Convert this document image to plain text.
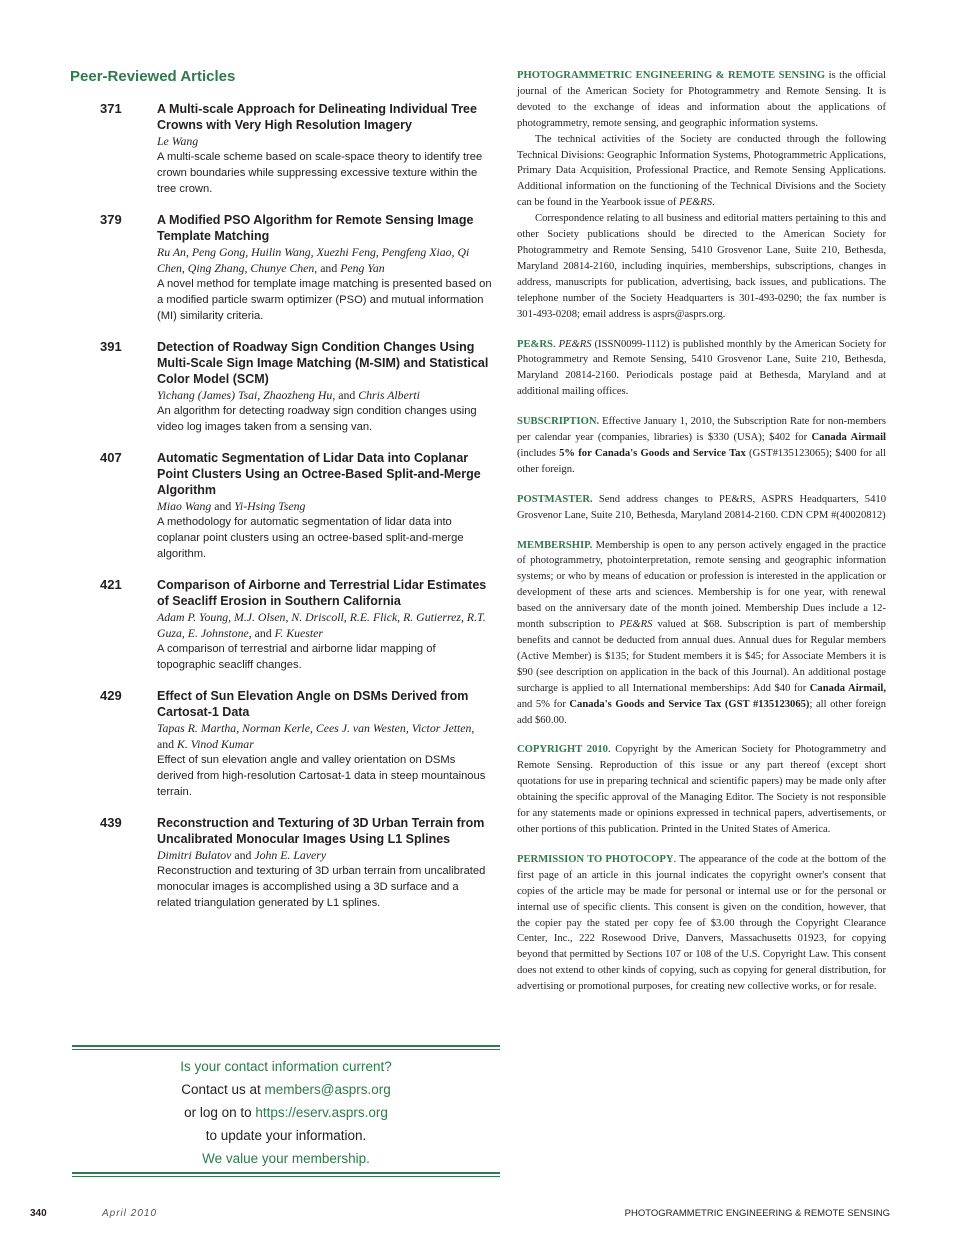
Peer-Reviewed Articles
371	A Multi-scale Approach for Delineating Individual Tree Crowns with Very High Resolution Imagery
Le Wang
A multi-scale scheme based on scale-space theory to identify tree crown boundaries while suppressing excessive texture within the tree crown.
379	A Modified PSO Algorithm for Remote Sensing Image Template Matching
Ru An, Peng Gong, Huilin Wang, Xuezhi Feng, Pengfeng Xiao, Qi Chen, Qing Zhang, Chunye Chen, and Peng Yan
A novel method for template image matching is presented based on a modified particle swarm optimizer (PSO) and mutual information (MI) similarity criteria.
391	Detection of Roadway Sign Condition Changes Using Multi-Scale Sign Image Matching (M-SIM) and Statistical Color Model (SCM)
Yichang (James) Tsai, Zhaozheng Hu, and Chris Alberti
An algorithm for detecting roadway sign condition changes using video log images taken from a sensing van.
407	Automatic Segmentation of Lidar Data into Coplanar Point Clusters Using an Octree-Based Split-and-Merge Algorithm
Miao Wang and Yi-Hsing Tseng
A methodology for automatic segmentation of lidar data into coplanar point clusters using an octree-based split-and-merge algorithm.
421	Comparison of Airborne and Terrestrial Lidar Estimates of Seacliff Erosion in Southern California
Adam P. Young, M.J. Olsen, N. Driscoll, R.E. Flick, R. Gutierrez, R.T. Guza, E. Johnstone, and F. Kuester
A comparison of terrestrial and airborne lidar mapping of topographic seacliff changes.
429	Effect of Sun Elevation Angle on DSMs Derived from Cartosat-1 Data
Tapas R. Martha, Norman Kerle, Cees J. van Westen, Victor Jetten, and K. Vinod Kumar
Effect of sun elevation angle and valley orientation on DSMs derived from high-resolution Cartosat-1 data in steep mountainous terrain.
439	Reconstruction and Texturing of 3D Urban Terrain from Uncalibrated Monocular Images Using L1 Splines
Dimitri Bulatov and John E. Lavery
Reconstruction and texturing of 3D urban terrain from uncalibrated monocular images is accomplished using a 3D surface and a related triangulation generated by L1 splines.
Is your contact information current?
Contact us at members@asprs.org
or log on to https://eserv.asprs.org
to update your information.
We value your membership.

PHOTOGRAMMETRIC ENGINEERING & REMOTE SENSING is the official journal of the American Society for Photogrammetry and Remote Sensing. It is devoted to the exchange of ideas and information about the applications of photogrammetry, remote sensing, and geographic information systems.

The technical activities of the Society are conducted through the following Technical Divisions: Geographic Information Systems, Photogrammetric Applications, Primary Data Acquisition, Professional Practice, and Remote Sensing Applications. Additional information on the functioning of the Technical Divisions and the Society can be found in the Yearbook issue of PE&RS.

Correspondence relating to all business and editorial matters pertaining to this and other Society publications should be directed to the American Society for Photogrammetry and Remote Sensing, 5410 Grosvenor Lane, Suite 210, Bethesda, Maryland 20814-2160, including inquiries, memberships, subscriptions, changes in address, manuscripts for publication, advertising, back issues, and publications. The telephone number of the Society Headquarters is 301-493-0290; the fax number is 301-493-0208; email address is asprs@asprs.org.

PE&RS. PE&RS (ISSN0099-1112) is published monthly by the American Society for Photogrammetry and Remote Sensing, 5410 Grosvenor Lane, Suite 210, Bethesda, Maryland 20814-2160. Periodicals postage paid at Bethesda, Maryland and at additional mailing offices.

SUBSCRIPTION. Effective January 1, 2010, the Subscription Rate for non-members per calendar year (companies, libraries) is $330 (USA); $402 for Canada Airmail (includes 5% for Canada's Goods and Service Tax (GST#135123065); $400 for all other foreign.

POSTMASTER. Send address changes to PE&RS, ASPRS Headquarters, 5410 Grosvenor Lane, Suite 210, Bethesda, Maryland 20814-2160. CDN CPM #(40020812)

MEMBERSHIP. Membership is open to any person actively engaged in the practice of photogrammetry, photointerpretation, remote sensing and geographic information systems; or who by means of education or profession is interested in the application or development of these arts and sciences. Membership is for one year, with renewal based on the anniversary date of the month joined. Membership Dues include a 12-month subscription to PE&RS valued at $68. Subscription is part of membership benefits and cannot be deducted from annual dues. Annual dues for Regular members (Active Member) is $135; for Student members it is $45; for Associate Members it is $90 (see description on application in the back of this Journal). An additional postage surcharge is applied to all International memberships: Add $40 for Canada Airmail, and 5% for Canada's Goods and Service Tax (GST #135123065); all other foreign add $60.00.

COPYRIGHT 2010. Copyright by the American Society for Photogrammetry and Remote Sensing. Reproduction of this issue or any part thereof (except short quotations for use in preparing technical and scientific papers) may be made only after obtaining the specific approval of the Managing Editor. The Society is not responsible for any statements made or opinions expressed in technical papers, advertisements, or other portions of this publication. Printed in the United States of America.

PERMISSION TO PHOTOCOPY. The appearance of the code at the bottom of the first page of an article in this journal indicates the copyright owner's consent that copies of the article may be made for personal or internal use or for the personal or internal use of specific clients. This consent is given on the condition, however, that the copier pay the stated per copy fee of $3.00 through the Copyright Clearance Center, Inc., 222 Rosewood Drive, Danvers, Massachusetts 01923, for copying beyond that permitted by Sections 107 or 108 of the U.S. Copyright Law. This consent does not extend to other kinds of copying, such as copying for general distribution, for advertising or promotional purposes, for creating new collective works, or for resale.

340	April 2010	PHOTOGRAMMETRIC ENGINEERING & REMOTE SENSING
